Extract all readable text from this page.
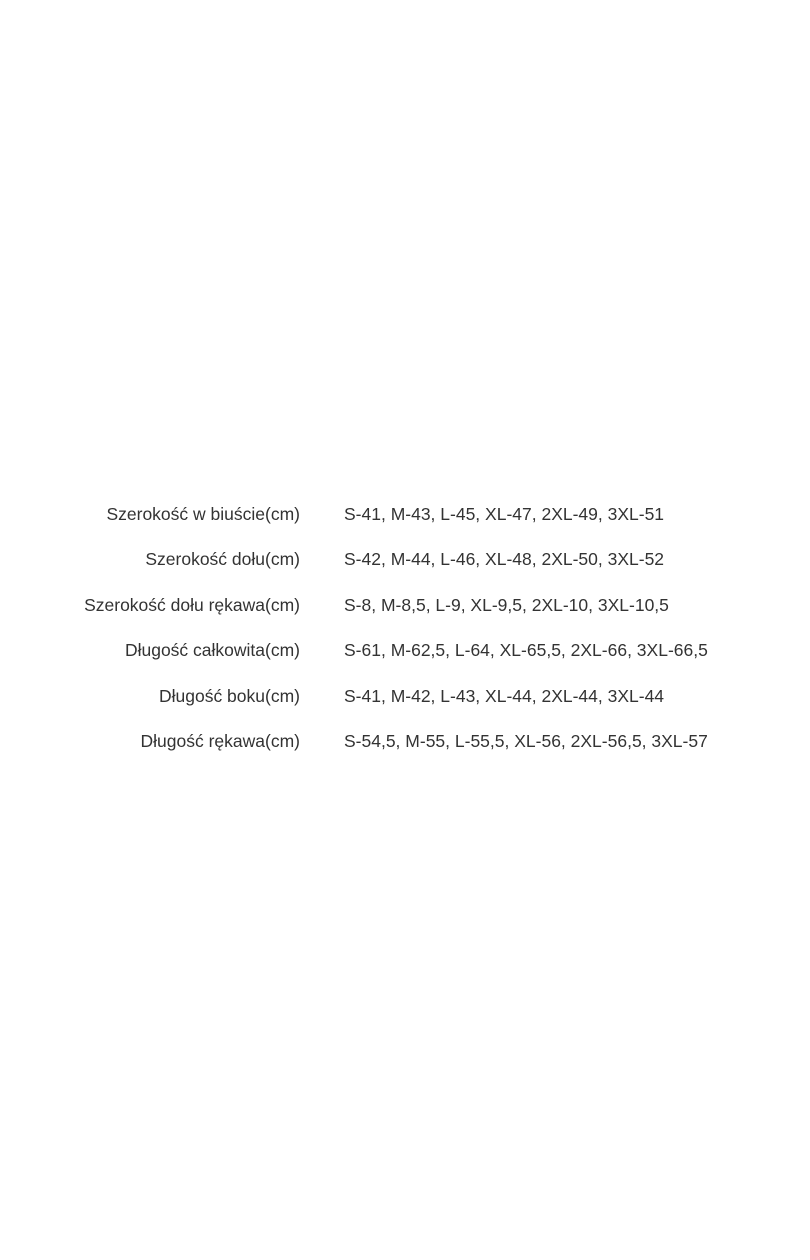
Szerokość w biuście(cm)	S-41, M-43, L-45, XL-47, 2XL-49, 3XL-51
Szerokość dołu(cm)	S-42, M-44, L-46, XL-48, 2XL-50, 3XL-52
Szerokość dołu rękawa(cm)	S-8, M-8,5, L-9, XL-9,5, 2XL-10, 3XL-10,5
Długość całkowita(cm)	S-61, M-62,5, L-64, XL-65,5, 2XL-66, 3XL-66,5
Długość boku(cm)	S-41, M-42, L-43, XL-44, 2XL-44, 3XL-44
Długość rękawa(cm)	S-54,5, M-55, L-55,5, XL-56, 2XL-56,5, 3XL-57
